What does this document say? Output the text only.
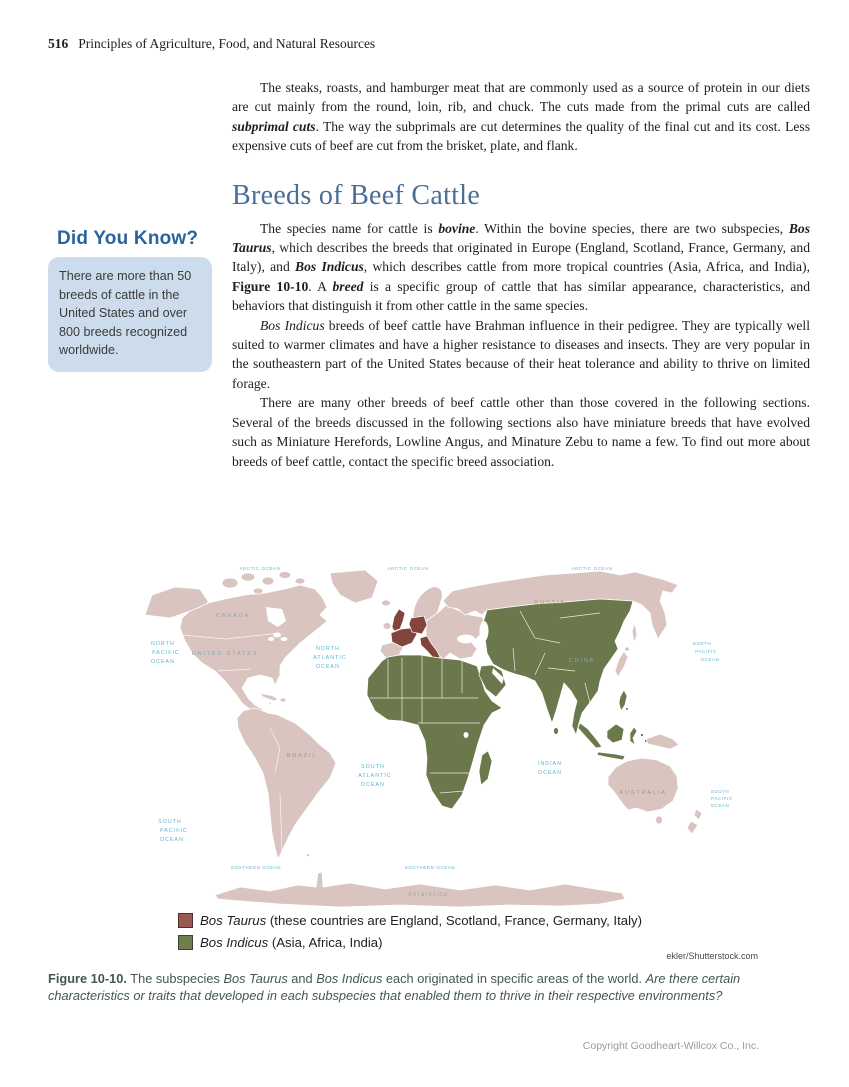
516 Principles of Agriculture, Food, and Natural Resources

The steaks, roasts, and hamburger meat that are commonly used as a source of protein in our diets are cut mainly from the round, loin, rib, and chuck. The cuts made from the primal cuts are called subprimal cuts. The way the subprimals are cut determines the quality of the final cut and its cost. Less expensive cuts of beef are cut from the brisket, plate, and flank.

Breeds of Beef Cattle

The species name for cattle is bovine. Within the bovine species, there are two subspecies, Bos Taurus, which describes the breeds that originated in Europe (England, Scotland, France, Germany, and Italy), and Bos Indicus, which describes cattle from more tropical countries (Asia, Africa, and India), Figure 10-10. A breed is a specific group of cattle that has similar appearance, characteristics, and behaviors that distinguish it from other cattle in the same species.

Bos Indicus breeds of beef cattle have Brahman influence in their pedigree. They are typically well suited to warmer climates and have a higher resistance to diseases and insects. They are very popular in the southeastern part of the United States because of their heat tolerance and ability to thrive on limited forage.

There are many other breeds of beef cattle other than those covered in the following sections. Several of the breeds discussed in the following sections also have miniature breeds that have evolved such as Miniature Herefords, Lowline Angus, and Minature Zebu to name a few. To find out more about breeds of beef cattle, contact the specific breed association.

Did You Know?
There are more than 50 breeds of cattle in the United States and over 800 breeds recognized worldwide.
ARCTIC OCEAN	ARCTIC OCEAN	ARCTIC OCEAN
CANADA
UNITED STATES
RUSSIA
CHINA
BRAZIL
AUSTRALIA
Antarctica
NORTH
PACIFIC
OCEAN
NORTH
ATLANTIC
OCEAN
SOUTH
PACIFIC
OCEAN
SOUTH
ATLANTIC
OCEAN
INDIAN
OCEAN
NORTH
PACIFIC
OCEAN
SOUTH
PACIFIC
OCEAN
SOUTHERN OCEAN	SOUTHERN OCEAN
Bos Taurus (these countries are England, Scotland, France, Germany, Italy)
Bos Indicus (Asia, Africa, India)
ekler/Shutterstock.com
Figure 10-10. The subspecies Bos Taurus and Bos Indicus each originated in specific areas of the world. Are there certain characteristics or traits that developed in each subspecies that enabled them to thrive in their respective environments?
Copyright Goodheart-Willcox Co., Inc.
